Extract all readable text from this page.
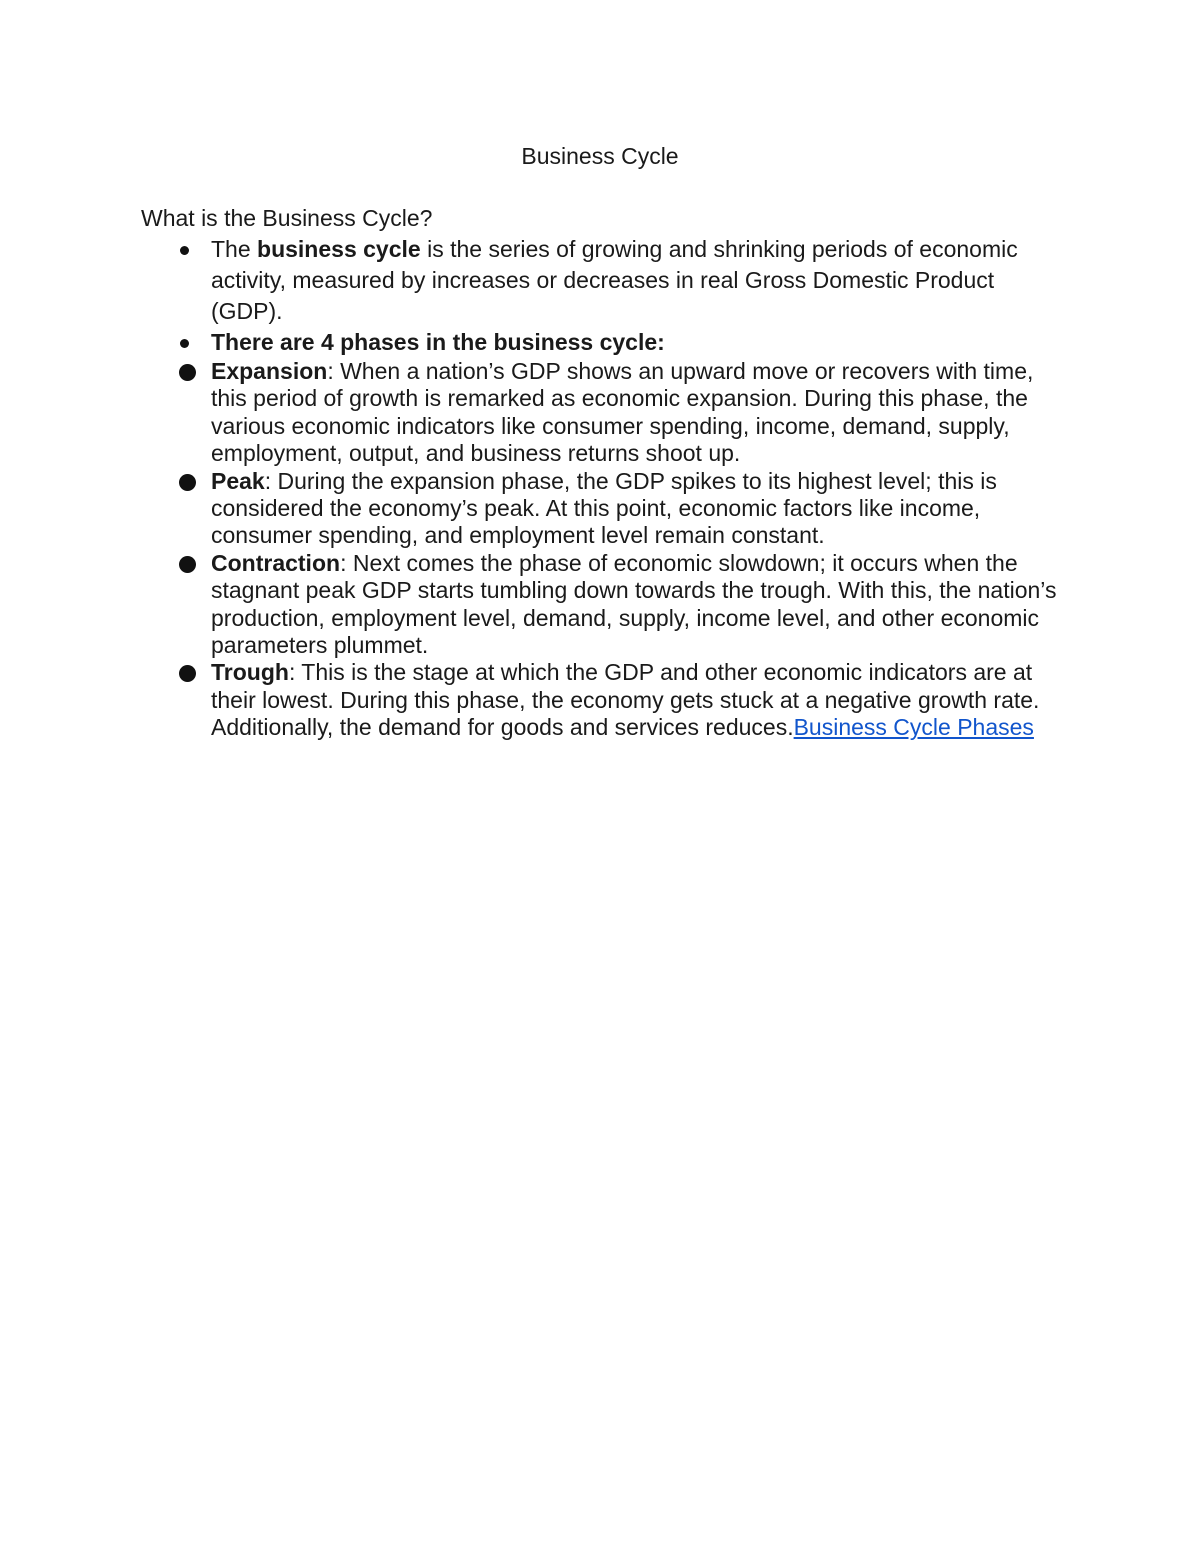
Business Cycle

What is the Business Cycle?

The business cycle is the series of growing and shrinking periods of economic activity, measured by increases or decreases in real Gross Domestic Product (GDP).
There are 4 phases in the business cycle:
Expansion: When a nation’s GDP shows an upward move or recovers with time, this period of growth is remarked as economic expansion. During this phase, the various economic indicators like consumer spending, income, demand, supply, employment, output, and business returns shoot up.
Peak: During the expansion phase, the GDP spikes to its highest level; this is considered the economy’s peak. At this point, economic factors like income, consumer spending, and employment level remain constant.
Contraction: Next comes the phase of economic slowdown; it occurs when the stagnant peak GDP starts tumbling down towards the trough. With this, the nation’s production, employment level, demand, supply, income level, and other economic parameters plummet.
Trough: This is the stage at which the GDP and other economic indicators are at their lowest. During this phase, the economy gets stuck at a negative growth rate. Additionally, the demand for goods and services reduces.Business Cycle Phases
